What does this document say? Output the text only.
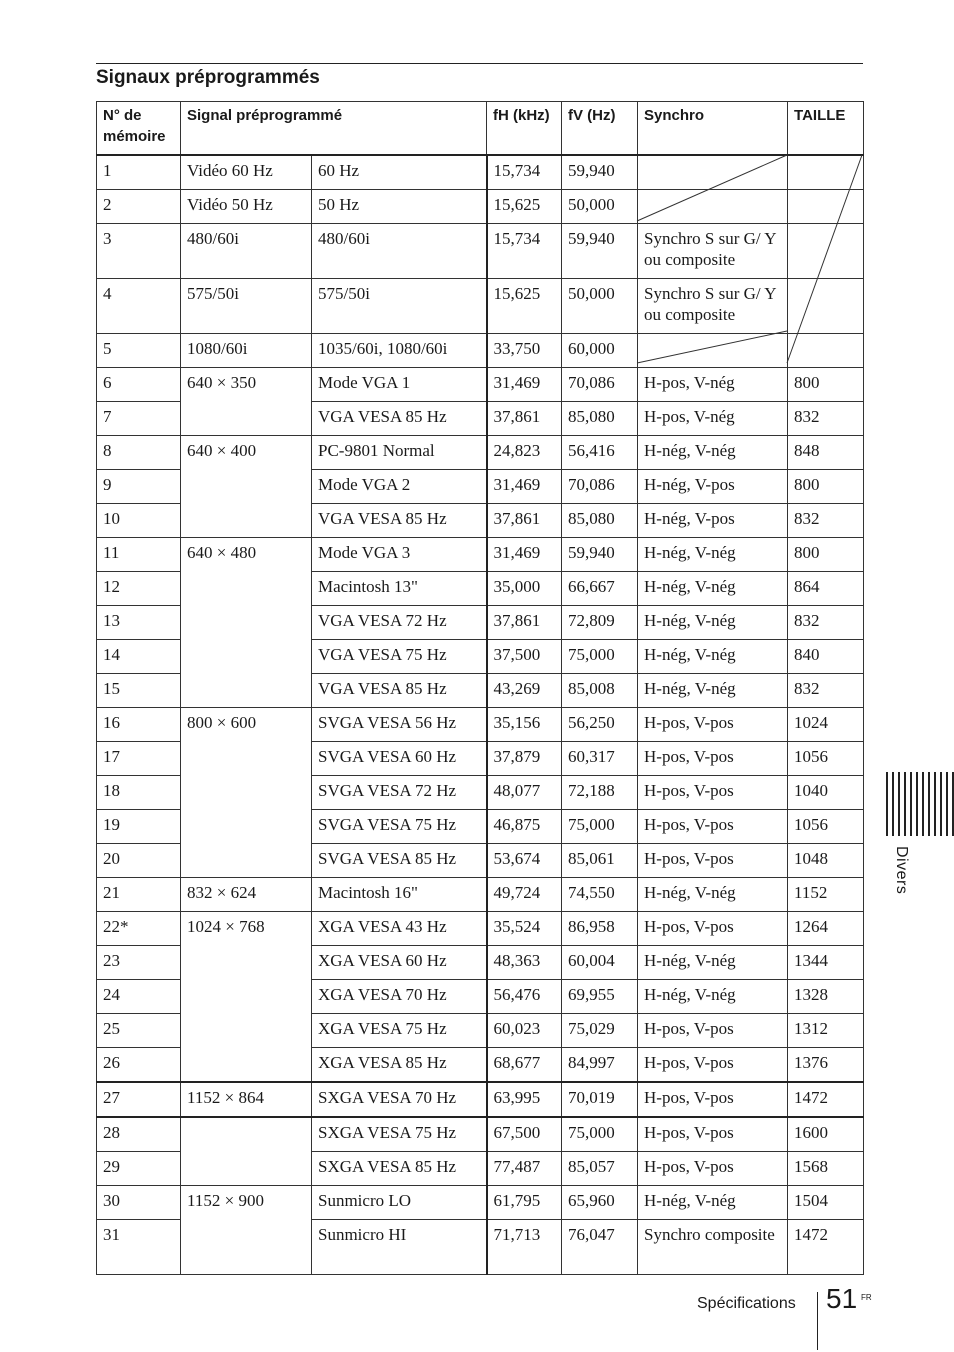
Signaux préprogrammés
N° de mémoire	Signal préprogrammé		fH (kHz)	fV (Hz)	Synchro	TAILLE
1	Vidéo 60 Hz	60 Hz	15,734	59,940		
2	Vidéo 50 Hz	50 Hz	15,625	50,000		
3	480/60i	480/60i	15,734	59,940	Synchro S sur G/ Y ou composite	
4	575/50i	575/50i	15,625	50,000	Synchro S sur G/ Y ou composite	
5	1080/60i	1035/60i, 1080/60i	33,750	60,000		
6	640 × 350	Mode VGA 1	31,469	70,086	H-pos, V-nég	800
7		VGA VESA 85 Hz	37,861	85,080	H-pos, V-nég	832
8	640 × 400	PC-9801 Normal	24,823	56,416	H-nég, V-nég	848
9		Mode VGA 2	31,469	70,086	H-nég, V-pos	800
10		VGA VESA 85 Hz	37,861	85,080	H-nég, V-pos	832
11	640 × 480	Mode VGA 3	31,469	59,940	H-nég, V-nég	800
12		Macintosh 13"	35,000	66,667	H-nég, V-nég	864
13		VGA VESA 72 Hz	37,861	72,809	H-nég, V-nég	832
14		VGA VESA 75 Hz	37,500	75,000	H-nég, V-nég	840
15		VGA VESA 85 Hz	43,269	85,008	H-nég, V-nég	832
16	800 × 600	SVGA VESA 56 Hz	35,156	56,250	H-pos, V-pos	1024
17		SVGA VESA 60 Hz	37,879	60,317	H-pos, V-pos	1056
18		SVGA VESA 72 Hz	48,077	72,188	H-pos, V-pos	1040
19		SVGA VESA 75 Hz	46,875	75,000	H-pos, V-pos	1056
20		SVGA VESA 85 Hz	53,674	85,061	H-pos, V-pos	1048
21	832 × 624	Macintosh 16"	49,724	74,550	H-nég, V-nég	1152
22*	1024 × 768	XGA VESA 43 Hz	35,524	86,958	H-pos, V-pos	1264
23		XGA VESA 60 Hz	48,363	60,004	H-nég, V-nég	1344
24		XGA VESA 70 Hz	56,476	69,955	H-nég, V-nég	1328
25		XGA VESA 75 Hz	60,023	75,029	H-pos, V-pos	1312
26		XGA VESA 85 Hz	68,677	84,997	H-pos, V-pos	1376
27	1152 × 864	SXGA VESA 70 Hz	63,995	70,019	H-pos, V-pos	1472
28		SXGA VESA 75 Hz	67,500	75,000	H-pos, V-pos	1600
29		SXGA VESA 85 Hz	77,487	85,057	H-pos, V-pos	1568
30	1152 × 900	Sunmicro LO	61,795	65,960	H-nég, V-nég	1504
31		Sunmicro HI	71,713	76,047	Synchro composite	1472
Divers
Spécifications 51 FR
